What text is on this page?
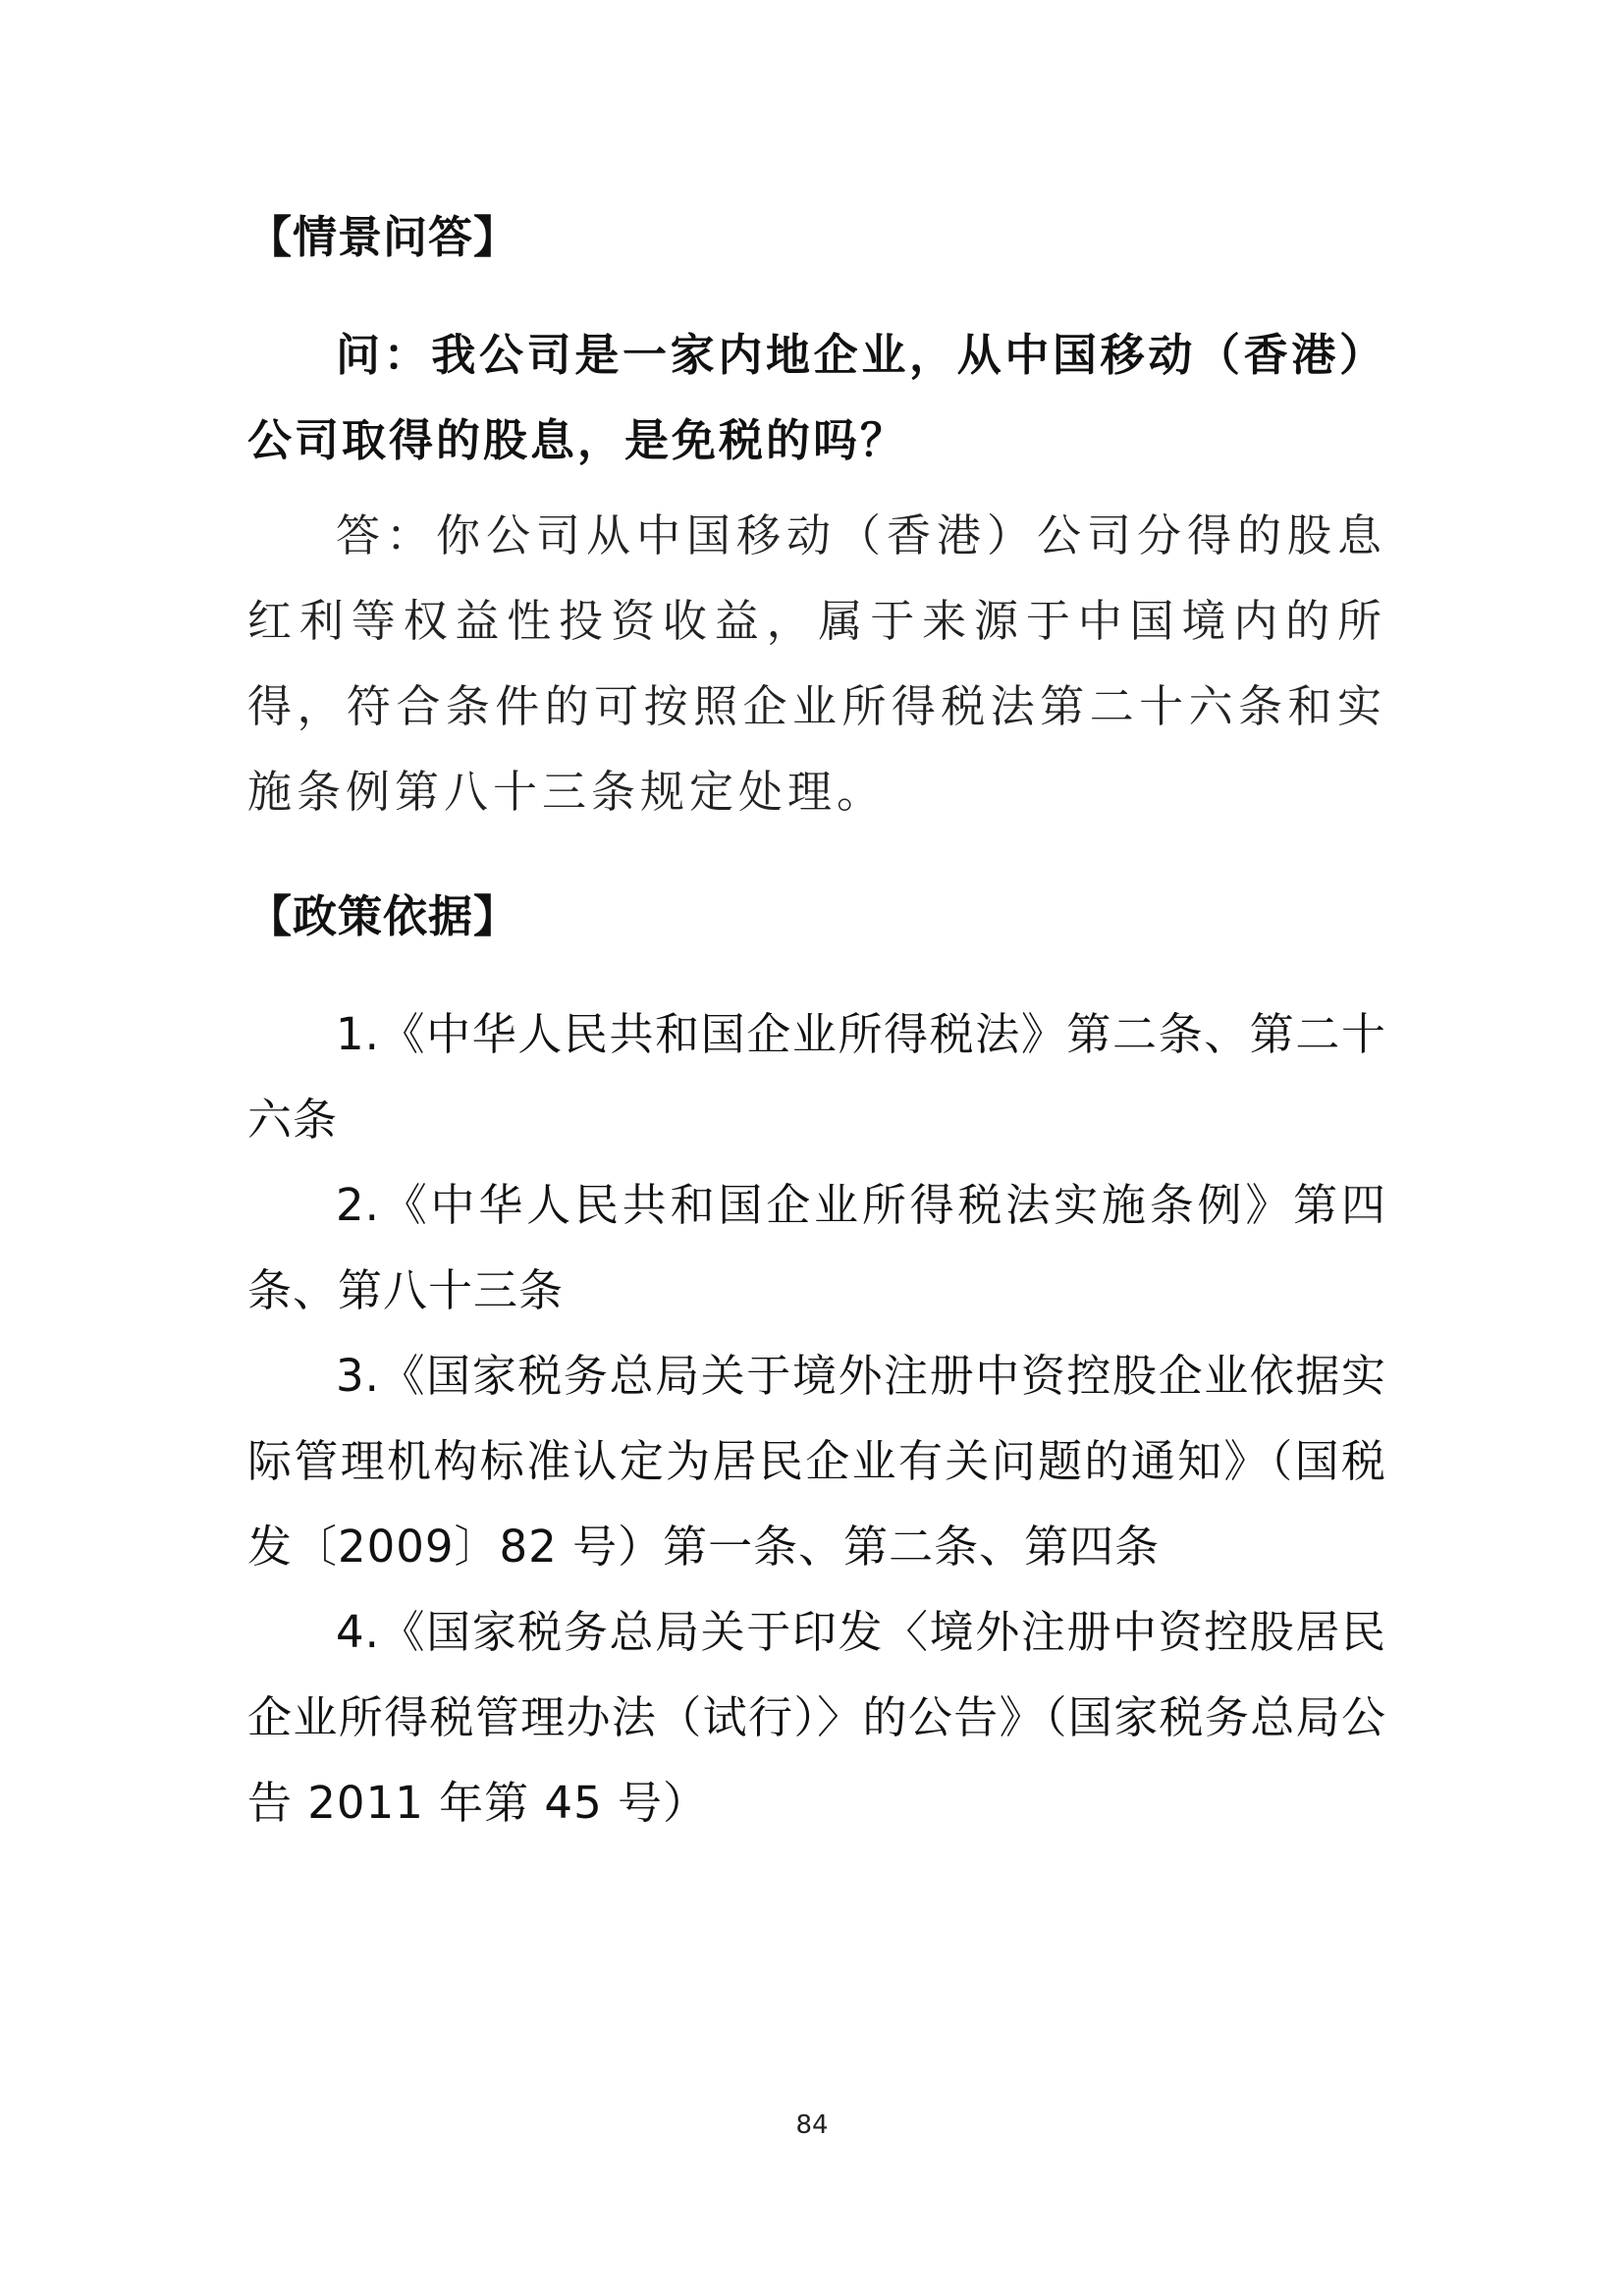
【情景问答】
问：我公司是一家内地企业，从中国移动（香港）公司取得的股息，是免税的吗？
答：你公司从中国移动（香港）公司分得的股息红利等权益性投资收益，属于来源于中国境内的所得，符合条件的可按照企业所得税法第二十六条和实施条例第八十三条规定处理。
【政策依据】
1.《中华人民共和国企业所得税法》第二条、第二十六条
2.《中华人民共和国企业所得税法实施条例》第四条、第八十三条
3.《国家税务总局关于境外注册中资控股企业依据实际管理机构标准认定为居民企业有关问题的通知》（国税发〔2009〕82 号）第一条、第二条、第四条
4.《国家税务总局关于印发〈境外注册中资控股居民企业所得税管理办法（试行）〉的公告》（国家税务总局公告 2011 年第 45 号）
84
